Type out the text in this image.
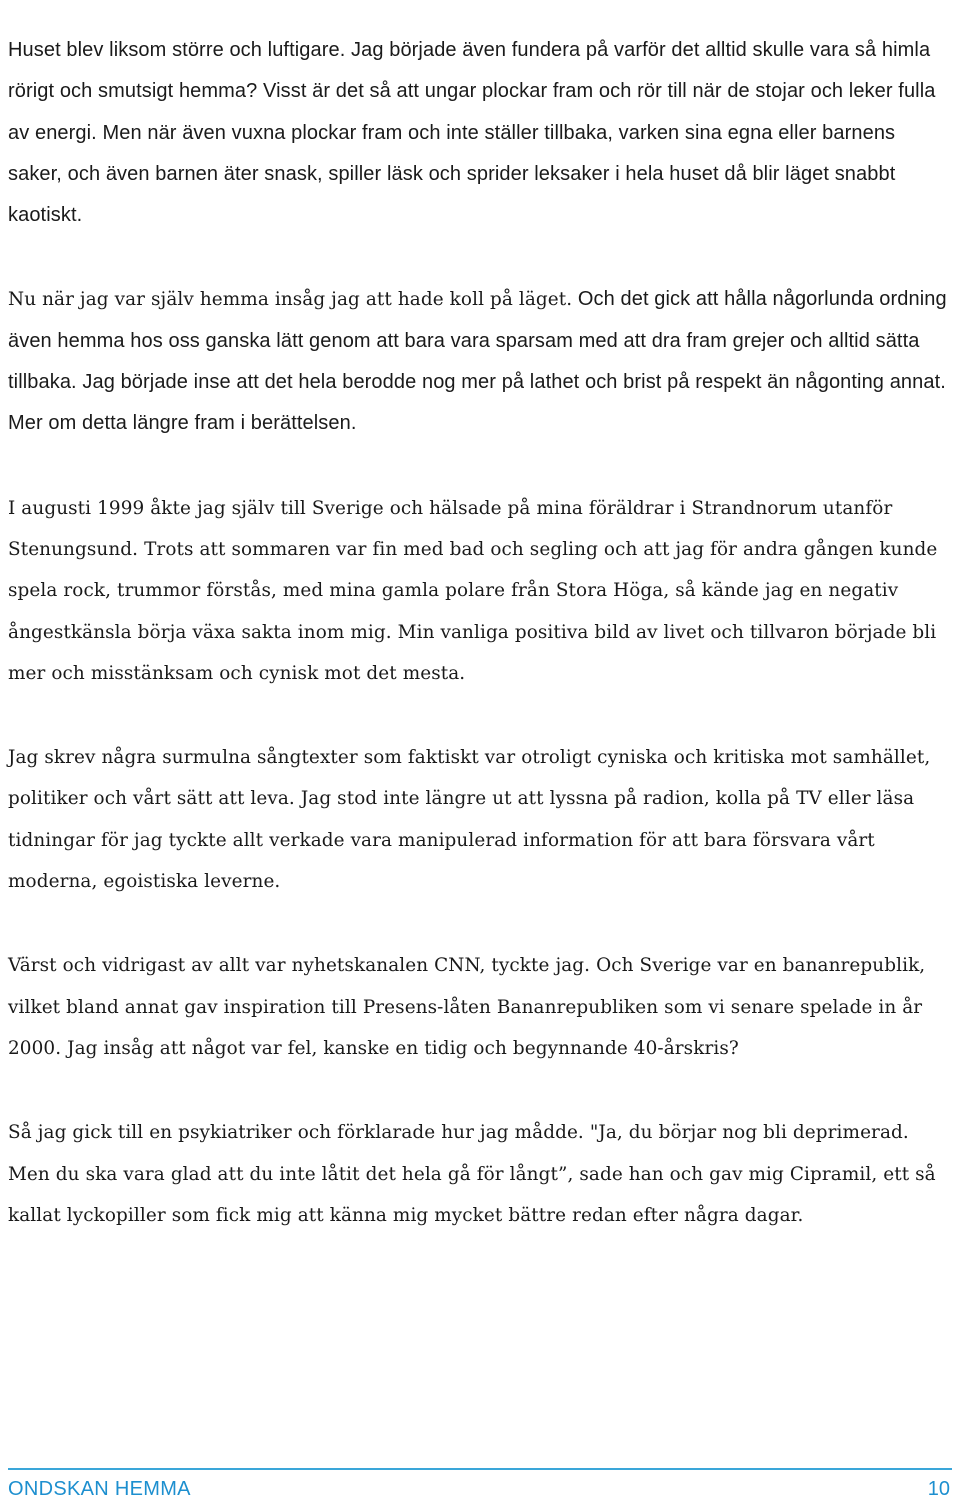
Huset blev liksom större och luftigare. Jag började även fundera på varför det alltid skulle vara så himla rörigt och smutsigt hemma? Visst är det så att ungar plockar fram och rör till när de stojar och leker fulla av energi. Men när även vuxna plockar fram och inte ställer tillbaka, varken sina egna eller barnens saker, och även barnen äter snask, spiller läsk och sprider leksaker i hela huset då blir läget snabbt kaotiskt.

Nu när jag var själv hemma insåg jag att hade koll på läget. Och det gick att hålla någorlunda ordning även hemma hos oss ganska lätt genom att bara vara sparsam med att dra fram grejer och alltid sätta tillbaka. Jag började inse att det hela berodde nog mer på lathet och brist på respekt än någonting annat. Mer om detta längre fram i berättelsen.

I augusti 1999 åkte jag själv till Sverige och hälsade på mina föräldrar i Strandnorum utanför Stenungsund. Trots att sommaren var fin med bad och segling och att jag för andra gången kunde spela rock, trummor förstås, med mina gamla polare från Stora Höga, så kände jag en negativ ångestkänsla börja växa sakta inom mig. Min vanliga positiva bild av livet och tillvaron började bli mer och misstänksam och cynisk mot det mesta.

Jag skrev några surmulna sångtexter som faktiskt var otroligt cyniska och kritiska mot samhället, politiker och vårt sätt att leva. Jag stod inte längre ut att lyssna på radion, kolla på TV eller läsa tidningar för jag tyckte allt verkade vara manipulerad information för att bara försvara vårt moderna, egoistiska leverne.

Värst och vidrigast av allt var nyhetskanalen CNN, tyckte jag. Och Sverige var en bananrepublik, vilket bland annat gav inspiration till Presens-låten Bananrepubliken som vi senare spelade in år 2000. Jag insåg att något var fel, kanske en tidig och begynnande 40-årskris?

Så jag gick till en psykiatriker och förklarade hur jag mådde. "Ja, du börjar nog bli deprimerad. Men du ska vara glad att du inte låtit det hela gå för långt”, sade han och gav mig Cipramil, ett så kallat lyckopiller som fick mig att känna mig mycket bättre redan efter några dagar.

ONDSKAN HEMMA	10
